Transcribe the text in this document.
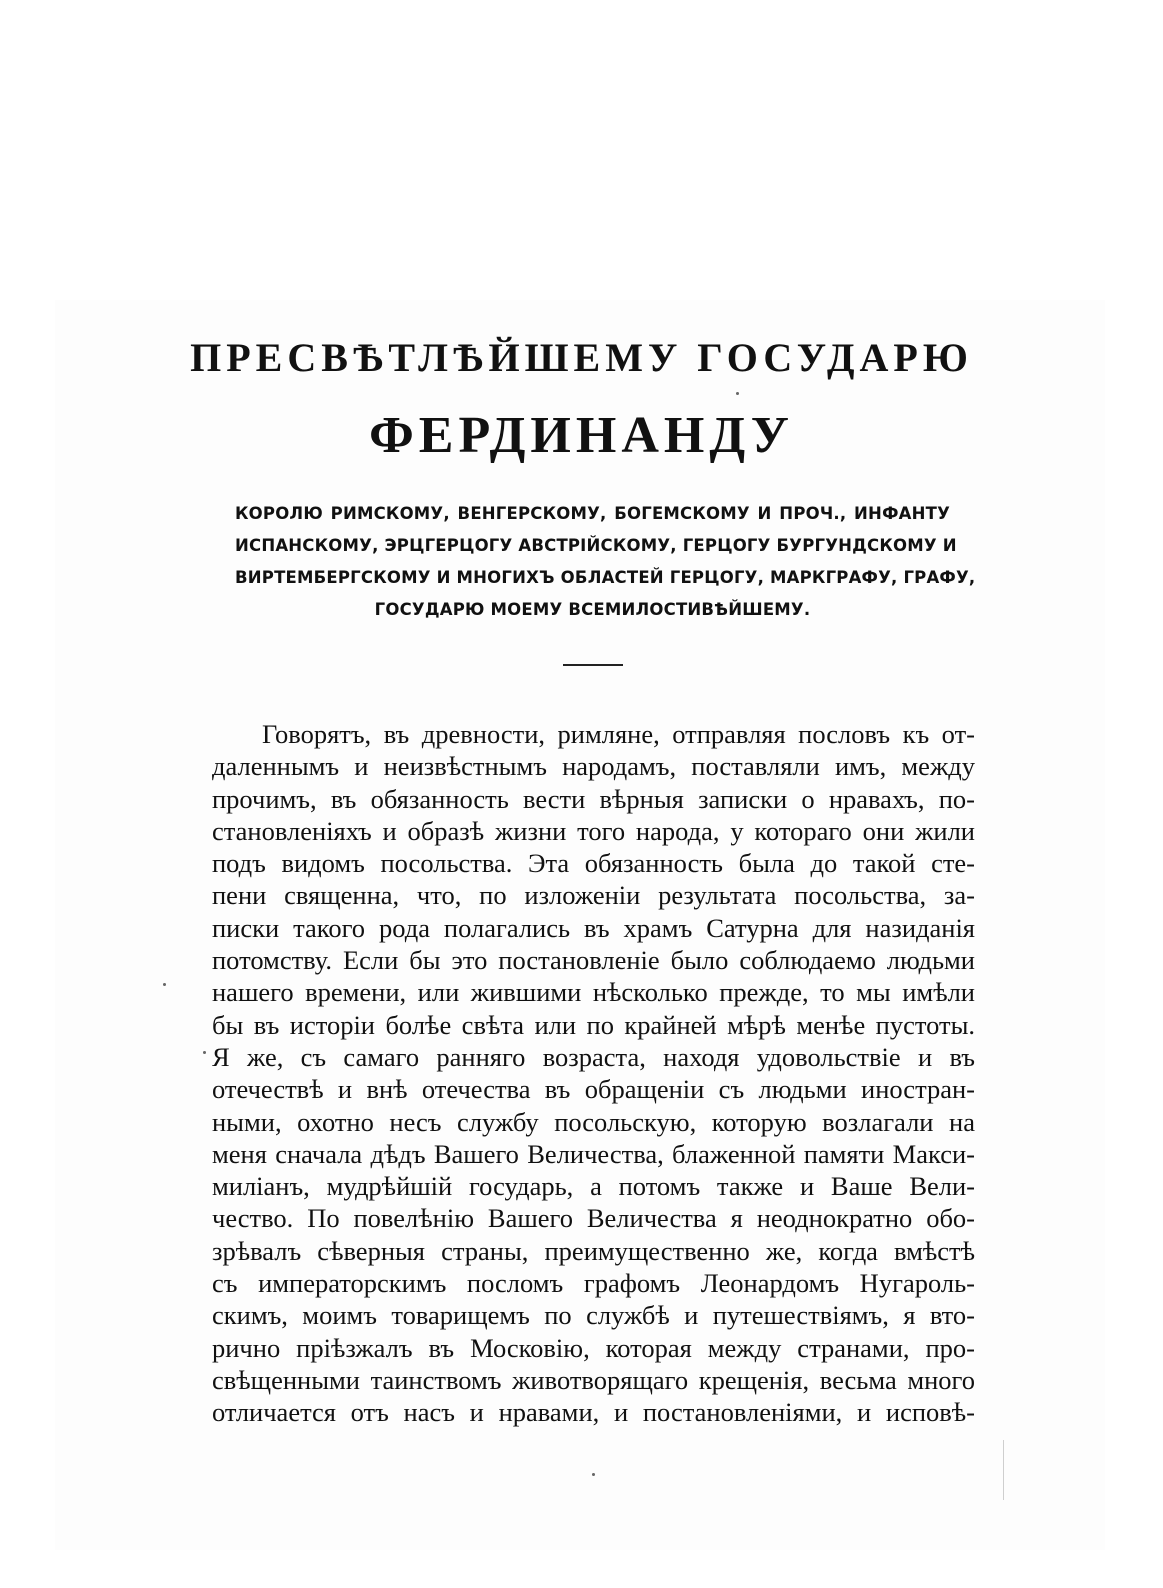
ПРЕСВѢТЛѢЙШЕМУ ГОСУДАРЮ
ФЕРДИНАНДУ
КОРОЛЮ РИМСКОМУ, ВЕНГЕРСКОМУ, БОГЕМСКОМУ И ПРОЧ., ИНФАНТУ
ИСПАНСКОМУ, ЭРЦГЕРЦОГУ АВСТРІЙСКОМУ, ГЕРЦОГУ БУРГУНДСКОМУ И
ВИРТЕМБЕРГСКОМУ И МНОГИХЪ ОБЛАСТЕЙ ГЕРЦОГУ, МАРКГРАФУ, ГРАФУ,
ГОСУДАРЮ МОЕМУ ВСЕМИЛОСТИВѢЙШЕМУ.
Говорятъ, въ древности, римляне, отправляя пословъ къ от-
даленнымъ и неизвѣстнымъ народамъ, поставляли имъ, между
прочимъ, въ обязанность вести вѣрныя записки о нравахъ, по-
становленіяхъ и образѣ жизни того народа, у котораго они жили
подъ видомъ посольства. Эта обязанность была до такой сте-
пени священна, что, по изложеніи результата посольства, за-
писки такого рода полагались въ храмъ Сатурна для назиданія
потомству. Если бы это постановленіе было соблюдаемо людьми
нашего времени, или жившими нѣсколько прежде, то мы имѣли
бы въ исторіи болѣе свѣта или по крайней мѣрѣ менѣе пустоты.
Я же, съ самаго ранняго возраста, находя удовольствіе и въ
отечествѣ и внѣ отечества въ обращеніи съ людьми иностран-
ными, охотно несъ службу посольскую, которую возлагали на
меня сначала дѣдъ Вашего Величества, блаженной памяти Макси-
миліанъ, мудрѣйшій государь, а потомъ также и Ваше Вели-
чество. По повелѣнію Вашего Величества я неоднократно обо-
зрѣвалъ сѣверныя страны, преимущественно же, когда вмѣстѣ
съ императорскимъ посломъ графомъ Леонардомъ Нугароль-
скимъ, моимъ товарищемъ по службѣ и путешествіямъ, я вто-
рично пріѣзжалъ въ Московію, которая между странами, про-
свѣщенными таинствомъ животворящаго крещенія, весьма много
отличается отъ насъ и нравами, и постановленіями, и исповѣ-
